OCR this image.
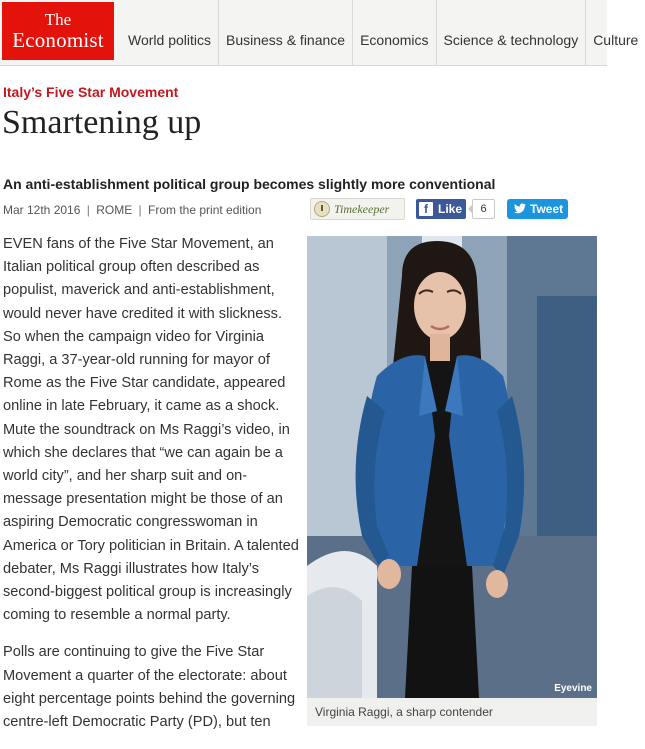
The
Economist	World politics	Business & finance	Economics	Science & technology	Culture
Italy’s Five Star Movement
Smartening up
An anti-establishment political group becomes slightly more conventional
Mar 12th 2016 | ROME | From the print edition	Timekeeper	f Like	6	Tweet

EVEN fans of the Five Star Movement, an Italian political group often described as populist, maverick and anti-establishment, would never have credited it with slickness. So when the campaign video for Virginia Raggi, a 37-year-old running for mayor of Rome as the Five Star candidate, appeared online in late February, it came as a shock. Mute the soundtrack on Ms Raggi’s video, in which she declares that “we can again be a world city”, and her sharp suit and on-message presentation might be those of an aspiring Democratic congresswoman in America or Tory politician in Britain. A talented debater, Ms Raggi illustrates how Italy’s second-biggest political group is increasingly coming to resemble a normal party.

Polls are continuing to give the Five Star Movement a quarter of the electorate: about eight percentage points behind the governing centre-left Democratic Party (PD), but ten

Eyevine
Virginia Raggi, a sharp contender
